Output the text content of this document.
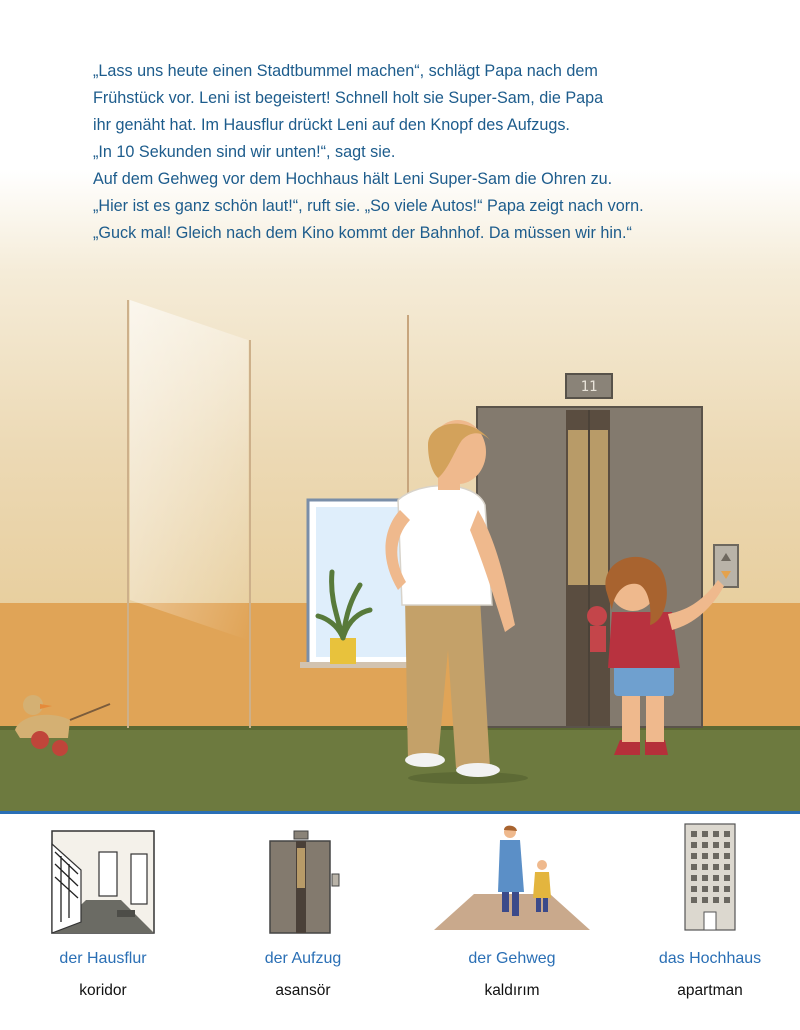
11

„Lass uns heute einen Stadtbummel machen“, schlägt Papa nach dem

Frühstück vor. Leni ist begeistert! Schnell holt sie Super-Sam, die Papa

ihr genäht hat. Im Hausflur drückt Leni auf den Knopf des Aufzugs.

„In 10 Sekunden sind wir unten!“, sagt sie.

Auf dem Gehweg vor dem Hochhaus hält Leni Super-Sam die Ohren zu.

„Hier ist es ganz schön laut!“, ruft sie. „So viele Autos!“ Papa zeigt nach vorn.

„Guck mal! Gleich nach dem Kino kommt der Bahnhof. Da müssen wir hin.“

der Hausflur
koridor
der Aufzug
asansör
der Gehweg
kaldırım
das Hochhaus
apartman
